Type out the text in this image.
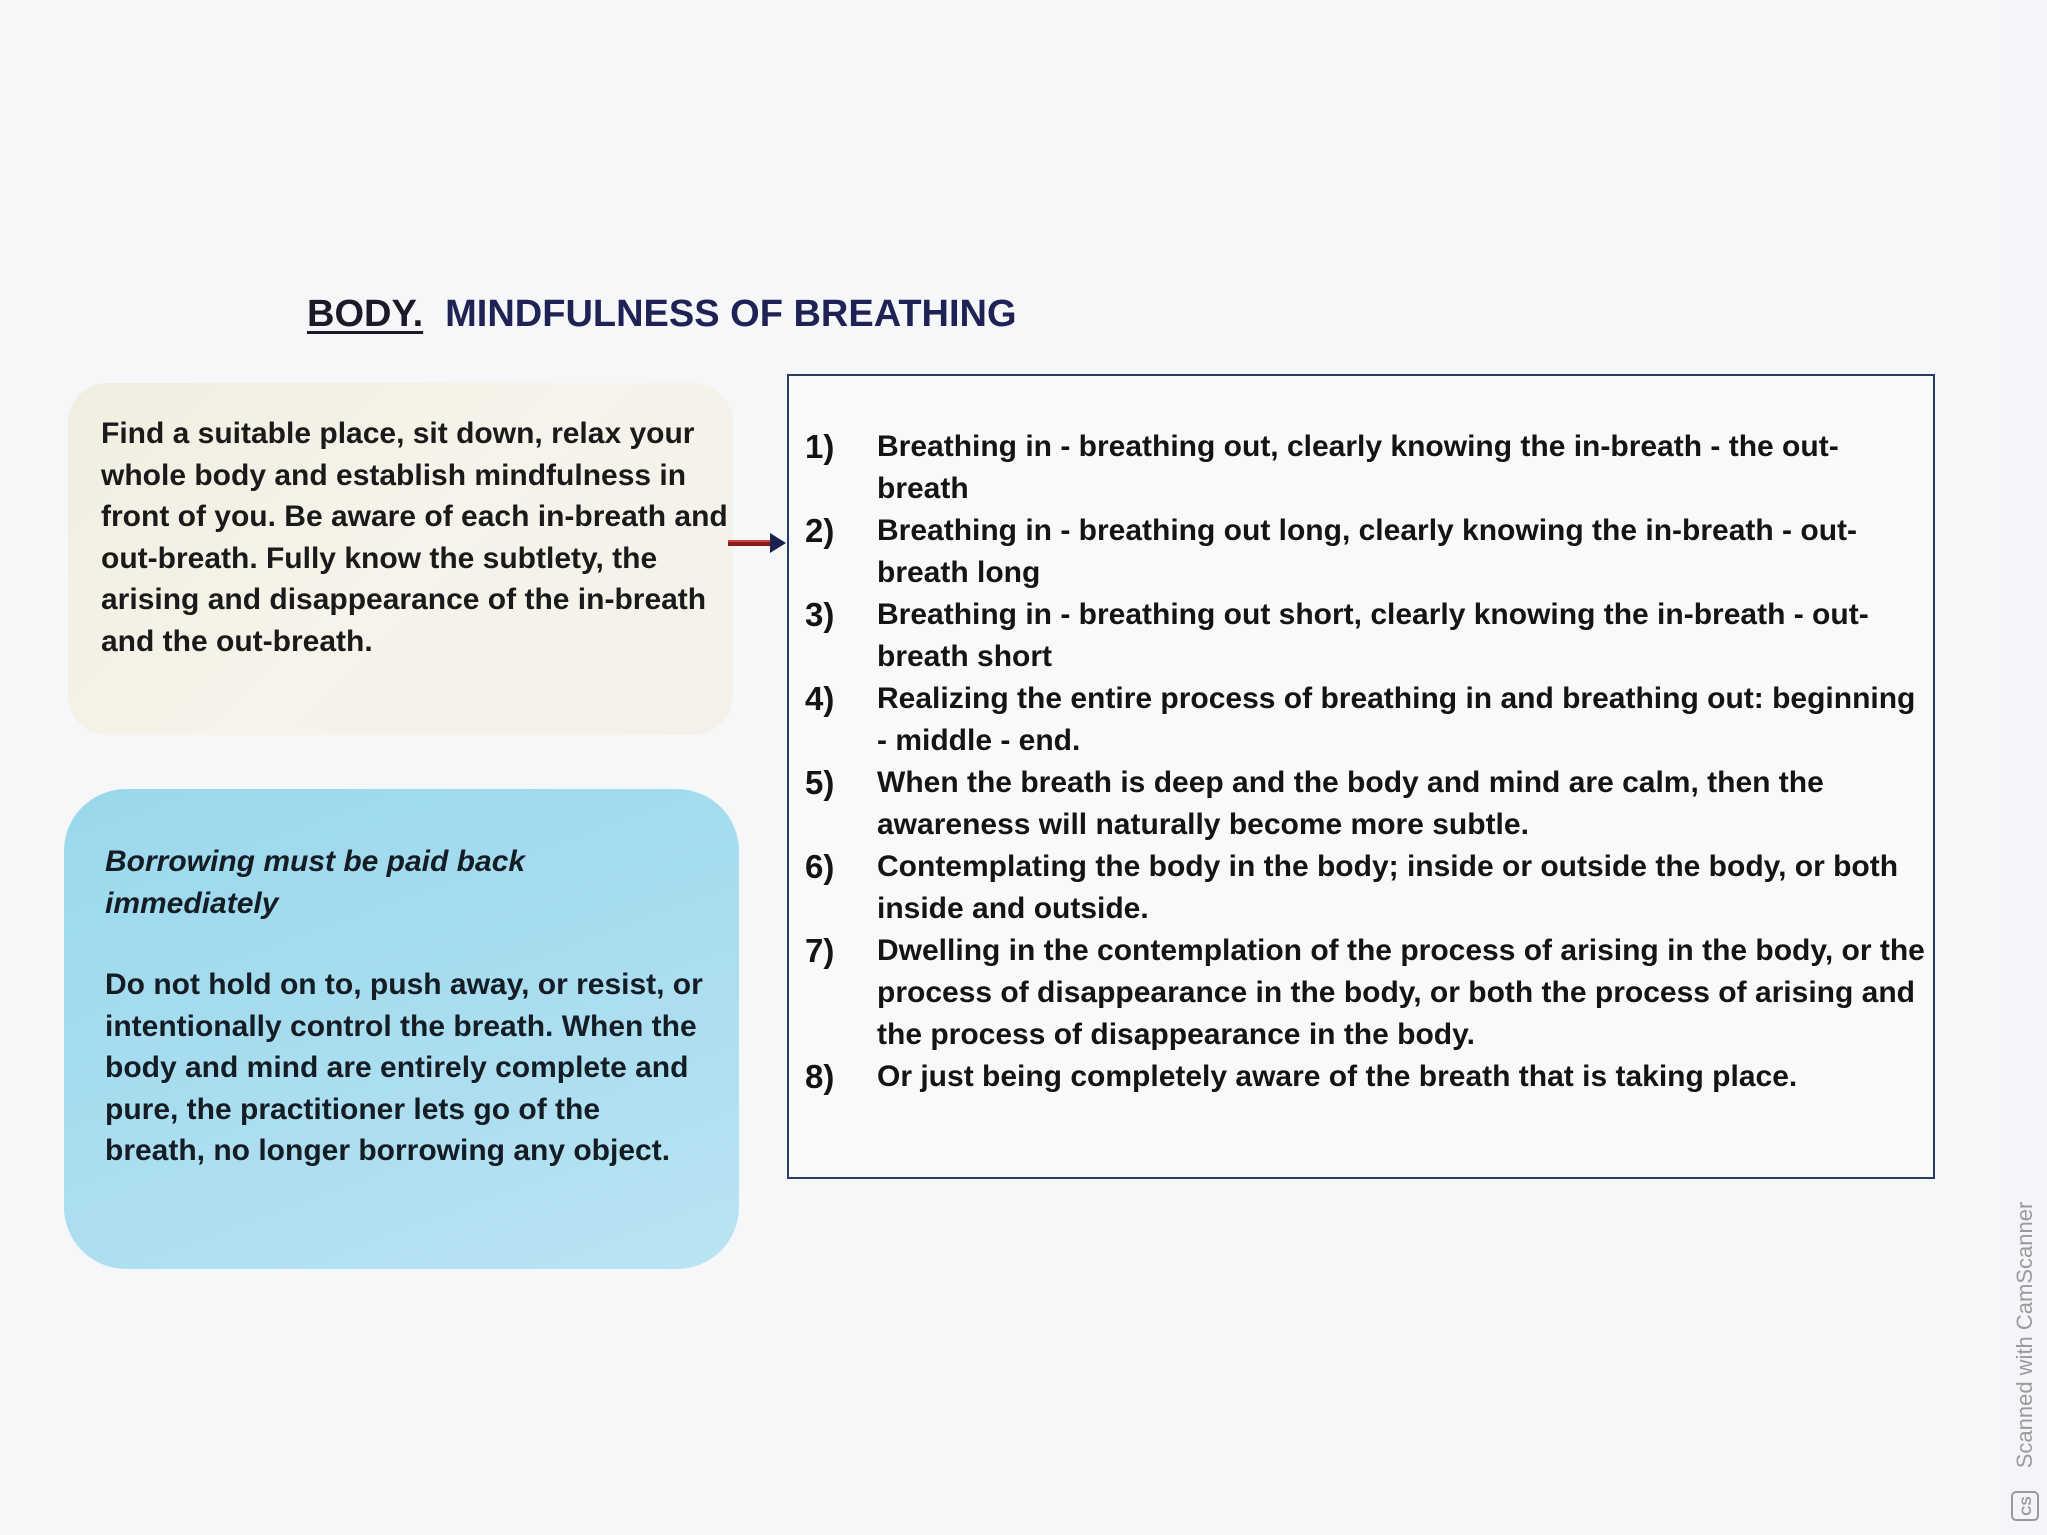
BODY. MINDFULNESS OF BREATHING

Find a suitable place, sit down, relax your whole body and establish mindfulness in front of you. Be aware of each in-breath and out-breath. Fully know the subtlety, the arising and disappearance of the in-breath and the out-breath.

Borrowing must be paid back immediately

Do not hold on to, push away, or resist, or intentionally control the breath. When the body and mind are entirely complete and pure, the practitioner lets go of the breath, no longer borrowing any object.

1)	Breathing in - breathing out, clearly knowing the in-breath - the out-breath
2)	Breathing in - breathing out long, clearly knowing the in-breath - out-breath long
3)	Breathing in - breathing out short, clearly knowing the in-breath - out-breath short
4)	Realizing the entire process of breathing in and breathing out: beginning - middle - end.
5)	When the breath is deep and the body and mind are calm, then the awareness will naturally become more subtle.
6)	Contemplating the body in the body; inside or outside the body, or both inside and outside.
7)	Dwelling in the contemplation of the process of arising in the body, or the process of disappearance in the body, or both the process of arising and the process of disappearance in the body.
8)	Or just being completely aware of the breath that is taking place.
Scanned with CamScanner
CS
